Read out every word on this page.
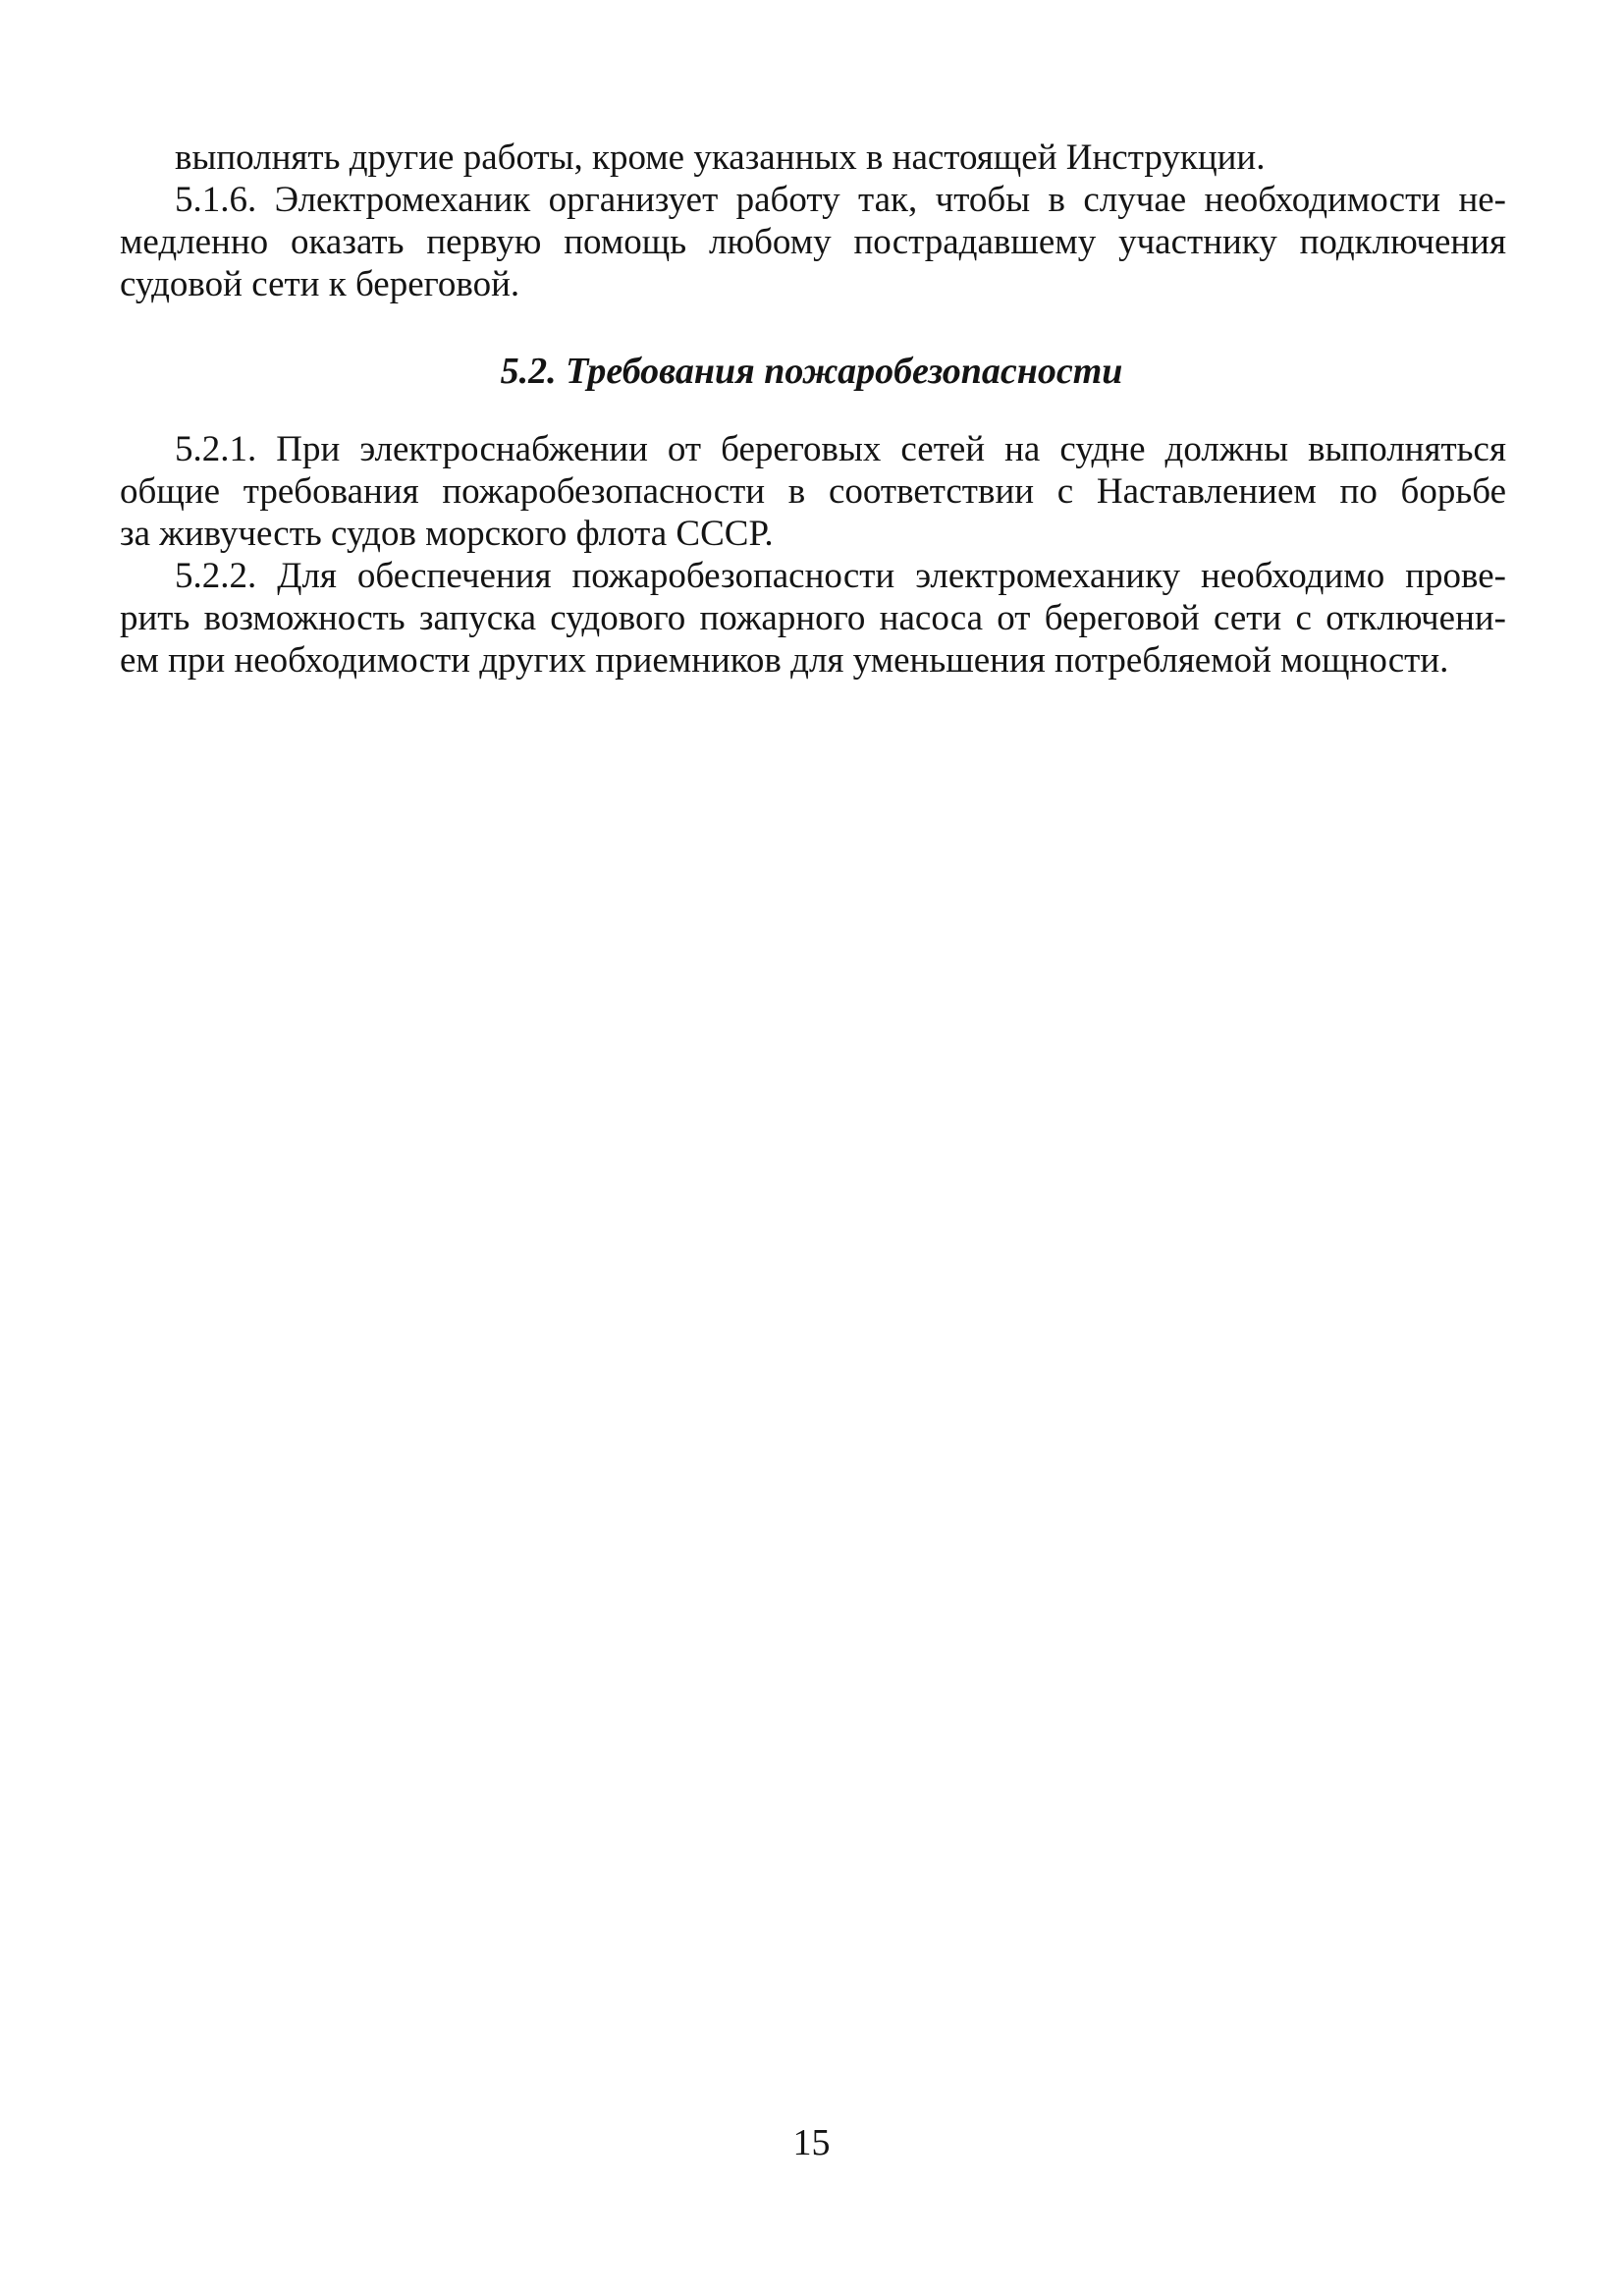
выполнять другие работы, кроме указанных в настоящей Инструкции.
5.1.6. Электромеханик организует работу так, чтобы в случае необходимости не-
медленно оказать первую помощь любому пострадавшему участнику подключения
судовой сети к береговой.
5.2. Требования пожаробезопасности
5.2.1. При электроснабжении от береговых сетей на судне должны выполняться
общие требования пожаробезопасности в соответствии с Наставлением по борьбе
за живучесть судов морского флота СССР.
5.2.2. Для обеспечения пожаробезопасности электромеханику необходимо прове-
рить возможность запуска судового пожарного насоса от береговой сети с отключени-
ем при необходимости других приемников для уменьшения потребляемой мощности.
15
